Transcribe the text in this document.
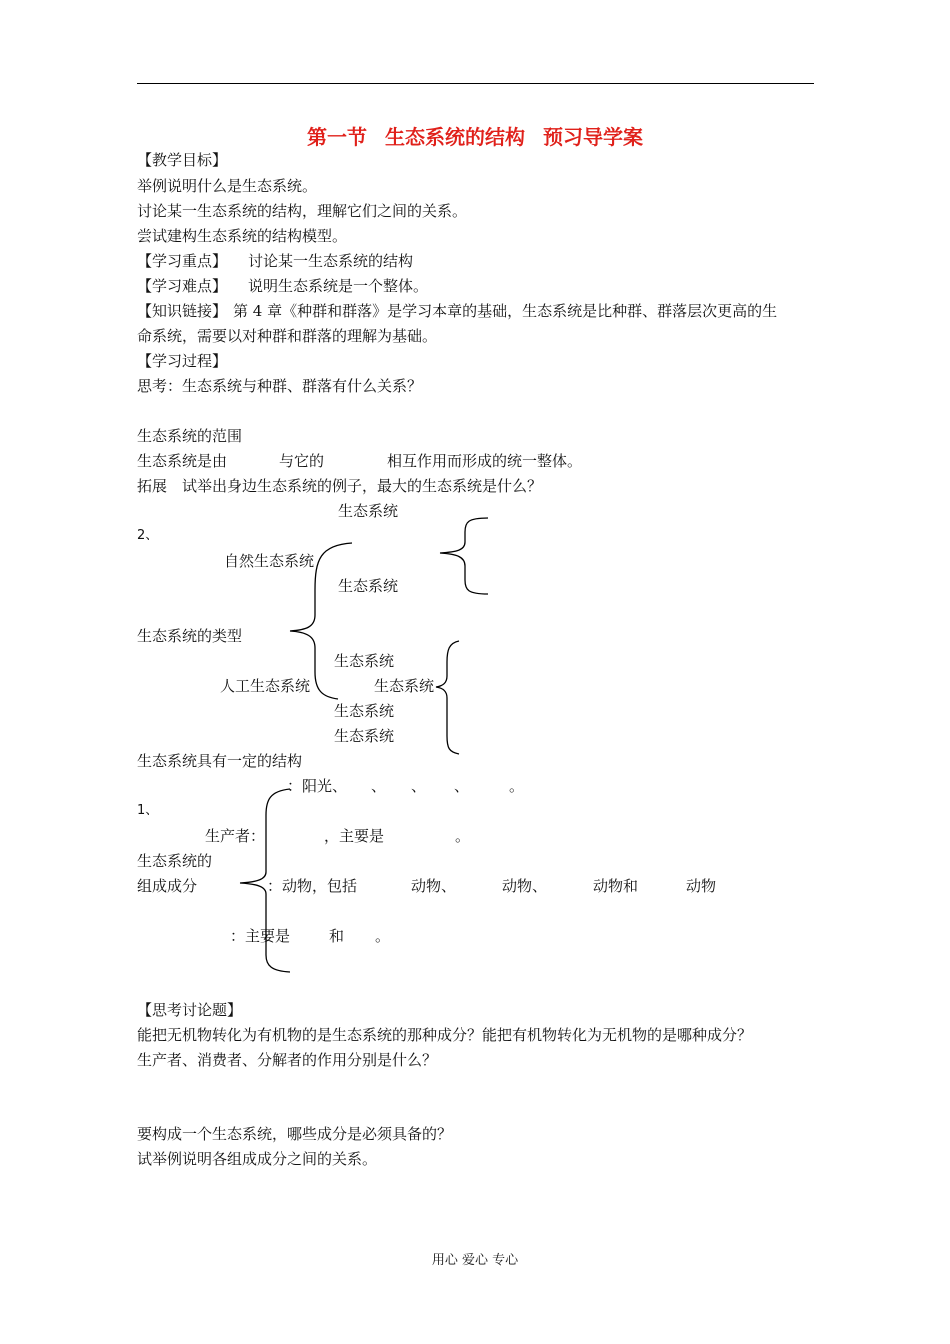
第一节 生态系统的结构 预习导学案
【教学目标】
举例说明什么是生态系统。
讨论某一生态系统的结构，理解它们之间的关系。
尝试建构生态系统的结构模型。
【学习重点】 讨论某一生态系统的结构
【学习难点】 说明生态系统是一个整体。
【知识链接】 第 4 章《种群和群落》是学习本章的基础，生态系统是比种群、群落层次更高的生
命系统，需要以对种群和群落的理解为基础。
【学习过程】
思考：生态系统与种群、群落有什么关系？
生态系统的范围
生态系统是由	与它的	相互作用而形成的统一整体。
拓展　试举出身边生态系统的例子，最大的生态系统是什么？
生态系统
2、
自然生态系统
生态系统
生态系统的类型
生态系统
人工生态系统	生态系统
生态系统
生态系统
生态系统具有一定的结构
：阳光、 、 、 、	。
1、
生产者：	，主要是	。
生态系统的
组成成分	：动物，包括	动物、	动物、	动物和	动物
：主要是	和 。
【思考讨论题】
能把无机物转化为有机物的是生态系统的那种成分？能把有机物转化为无机物的是哪种成分？
生产者、消费者、分解者的作用分别是什么？
要构成一个生态系统，哪些成分是必须具备的？
试举例说明各组成成分之间的关系。
用心 爱心 专心
